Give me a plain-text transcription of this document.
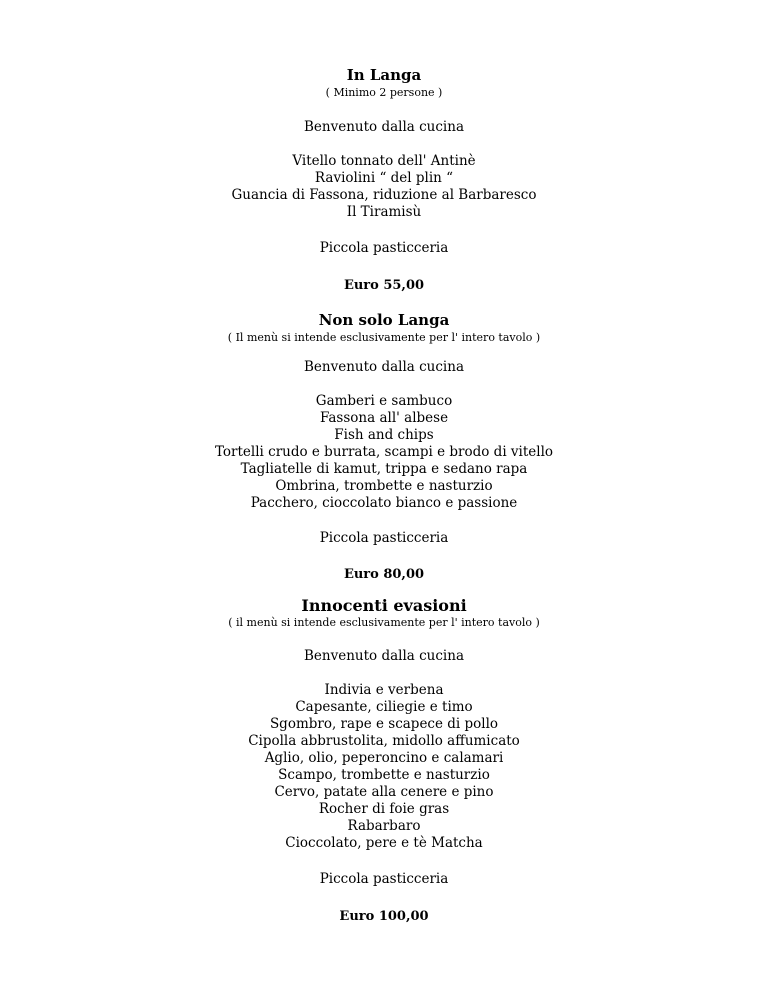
In Langa
( Minimo 2 persone )
Benvenuto dalla cucina
Vitello tonnato dell' Antinè
Raviolini “ del plin “
Guancia di Fassona, riduzione al Barbaresco
Il Tiramisù
Piccola pasticceria
Euro 55,00
Non solo Langa
( Il menù si intende esclusivamente per l' intero tavolo )
Benvenuto dalla cucina
Gamberi e sambuco
Fassona all' albese
Fish and chips
Tortelli crudo e burrata, scampi e brodo di vitello
Tagliatelle di kamut, trippa e sedano rapa
Ombrina, trombette e nasturzio
Pacchero, cioccolato bianco e passione
Piccola pasticceria
Euro 80,00
Innocenti evasioni
( il menù si intende esclusivamente per l' intero tavolo )
Benvenuto dalla cucina
Indivia e verbena
Capesante, ciliegie e timo
Sgombro, rape e scapece di pollo
Cipolla abbrustolita, midollo affumicato
Aglio, olio, peperoncino e calamari
Scampo, trombette e nasturzio
Cervo, patate alla cenere e pino
Rocher di foie gras
Rabarbaro
Cioccolato, pere e tè Matcha
Piccola pasticceria
Euro 100,00
